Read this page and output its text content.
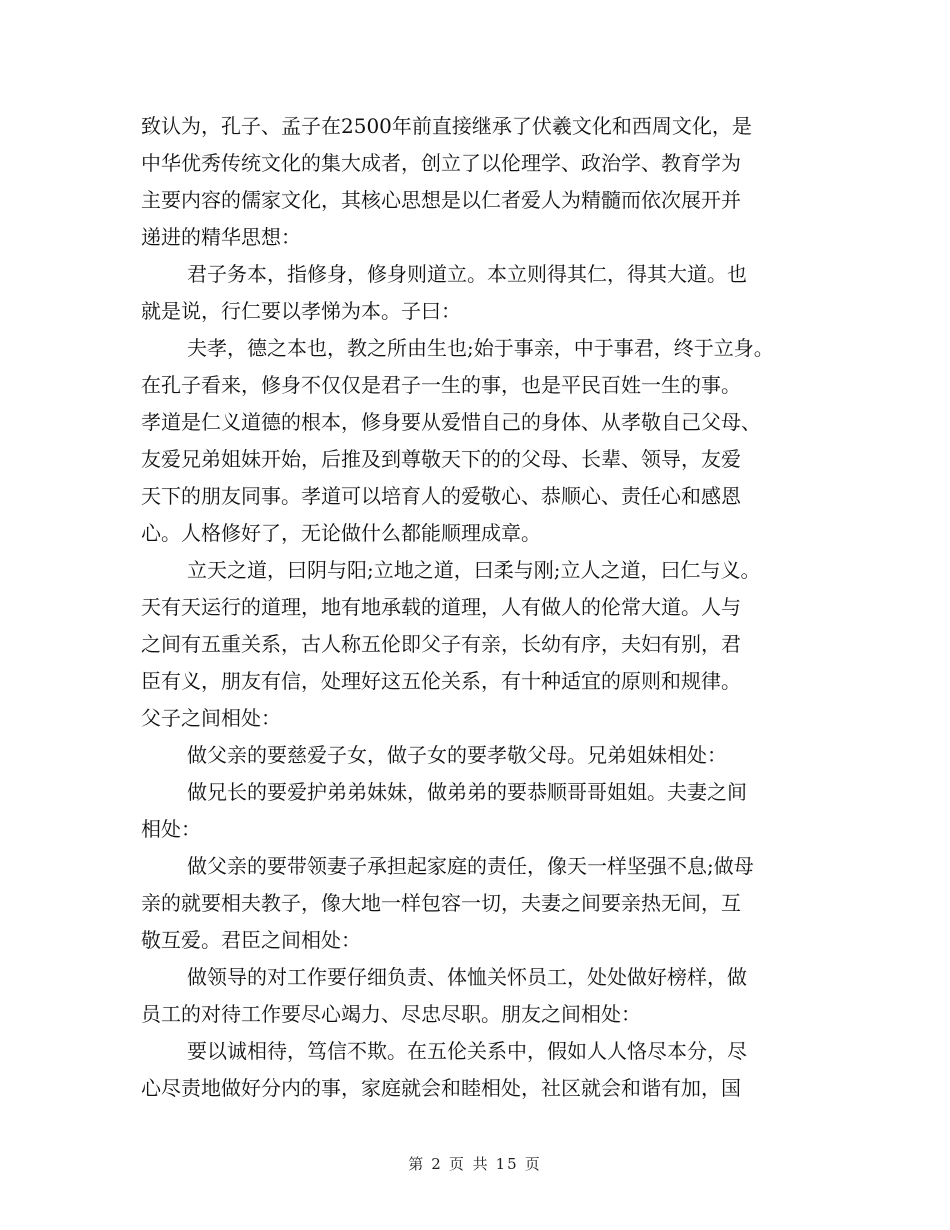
致认为，孔子、孟子在2500年前直接继承了伏羲文化和西周文化，是
中华优秀传统文化的集大成者，创立了以伦理学、政治学、教育学为
主要内容的儒家文化，其核心思想是以仁者爱人为精髓而依次展开并
递进的精华思想：
君子务本，指修身，修身则道立。本立则得其仁，得其大道。也
就是说，行仁要以孝悌为本。子曰：
夫孝，德之本也，教之所由生也;始于事亲，中于事君，终于立身。
在孔子看来，修身不仅仅是君子一生的事，也是平民百姓一生的事。
孝道是仁义道德的根本，修身要从爱惜自己的身体、从孝敬自己父母、
友爱兄弟姐妹开始，后推及到尊敬天下的的父母、长辈、领导，友爱
天下的朋友同事。孝道可以培育人的爱敬心、恭顺心、责任心和感恩
心。人格修好了，无论做什么都能顺理成章。
立天之道，曰阴与阳;立地之道，曰柔与刚;立人之道，曰仁与义。
天有天运行的道理，地有地承载的道理，人有做人的伦常大道。人与
之间有五重关系，古人称五伦即父子有亲，长幼有序，夫妇有别，君
臣有义，朋友有信，处理好这五伦关系，有十种适宜的原则和规律。
父子之间相处：
做父亲的要慈爱子女，做子女的要孝敬父母。兄弟姐妹相处：
做兄长的要爱护弟弟妹妹，做弟弟的要恭顺哥哥姐姐。夫妻之间
相处：
做父亲的要带领妻子承担起家庭的责任，像天一样坚强不息;做母
亲的就要相夫教子，像大地一样包容一切，夫妻之间要亲热无间，互
敬互爱。君臣之间相处：
做领导的对工作要仔细负责、体恤关怀员工，处处做好榜样，做
员工的对待工作要尽心竭力、尽忠尽职。朋友之间相处：
要以诚相待，笃信不欺。在五伦关系中，假如人人恪尽本分，尽
心尽责地做好分内的事，家庭就会和睦相处，社区就会和谐有加，国
第 2 页 共 15 页
